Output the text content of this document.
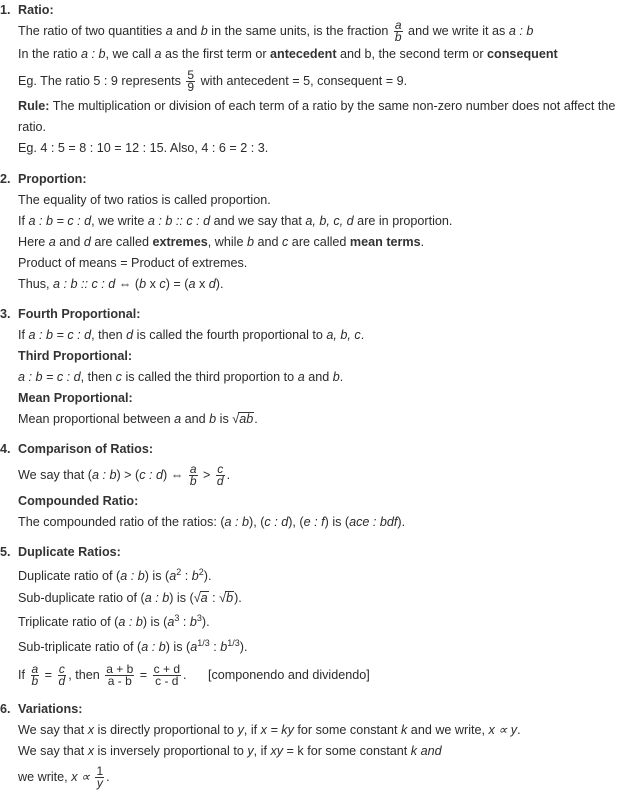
1. Ratio:
The ratio of two quantities a and b in the same units, is the fraction $\frac{a}{b}$ and we write it as a : b
In the ratio a : b, we call a as the first term or antecedent and b, the second term or consequent
Eg. The ratio 5 : 9 represents $\frac{5}{9}$ with antecedent = 5, consequent = 9.
Rule: The multiplication or division of each term of a ratio by the same non-zero number does not affect the
ratio.
Eg. 4 : 5 = 8 : 10 = 12 : 15. Also, 4 : 6 = 2 : 3.
2. Proportion:
The equality of two ratios is called proportion.
If a : b = c : d, we write a : b :: c : d and we say that a, b, c, d are in proportion.
Here a and d are called extremes, while b and c are called mean terms.
Product of means = Product of extremes.
Thus, a : b :: c : d ⇔ (b x c) = (a x d).
3. Fourth Proportional:
If a : b = c : d, then d is called the fourth proportional to a, b, c.
Third Proportional:
a : b = c : d, then c is called the third proportion to a and b.
Mean Proportional:
Mean proportional between a and b is √ab.
4. Comparison of Ratios:
We say that (a : b) > (c : d) ⇔ $\frac{a}{b} > \frac{c}{d}$ .
Compounded Ratio:
The compounded ratio of the ratios: (a : b), (c : d), (e : f) is (ace : bdf).
5. Duplicate Ratios:
Duplicate ratio of (a : b) is ($a^2$ : $b^2$).
Sub-duplicate ratio of (a : b) is (√a : √b).
Triplicate ratio of (a : b) is ($a^3$ : $b^3$).
Sub-triplicate ratio of (a : b) is ($a^{1/3}$ : $b^{1/3}$).
If $\frac{a}{b} = \frac{c}{d}$ , then $\frac{a + b}{a - b} = \frac{c + d}{c - d}$ . [componendo and dividendo]
6. Variations:
We say that x is directly proportional to y, if x = ky for some constant k and we write, x ∝ y.
We say that x is inversely proportional to y, if xy = k for some constant k and
we write, $x \propto \frac{1}{y}$ .
